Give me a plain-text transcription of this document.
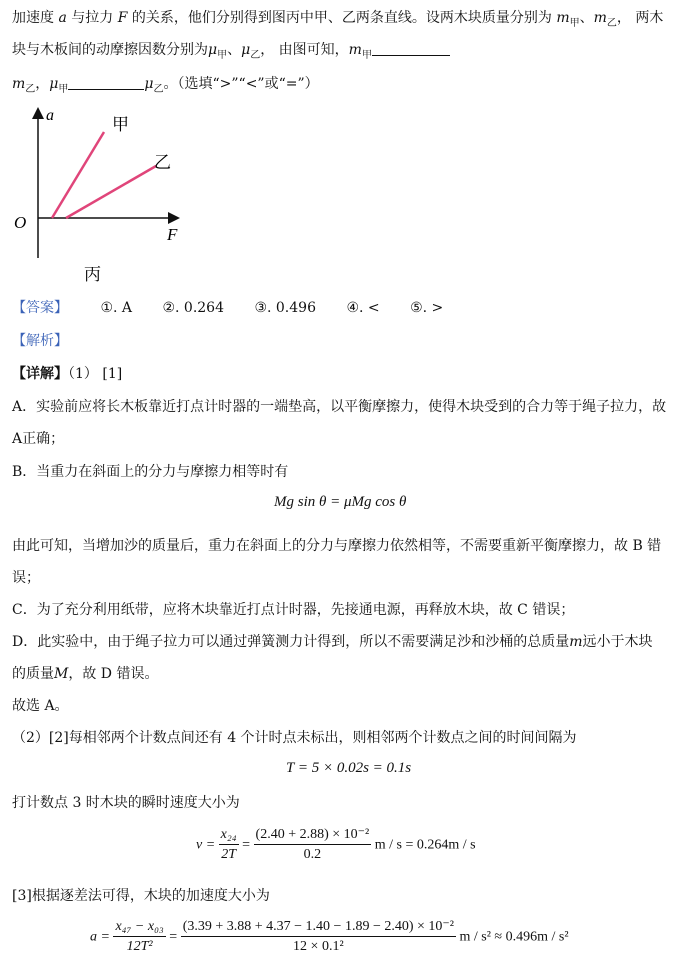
加速度 a 与拉力 F 的关系，他们分别得到图丙中甲、乙两条直线。设两木块质量分别为 $m_甲$、$m_乙$， 两木
块与木板间的动摩擦因数分别为$\mu_甲$、$\mu_乙$， 由图可知，$m_甲$
$m_乙$，$\mu_甲$	$\mu_乙$。（选填“>”“<”或“=”）
a
F
O
甲
乙
丙
【答案】 ①. A ②. 0.264 ③. 0.496 ④. < ⑤. >
【解析】
【详解】（1） [1]
A．实验前应将长木板靠近打点计时器的一端垫高，以平衡摩擦力，使得木块受到的合力等于绳子拉力，故
A正确；
B．当重力在斜面上的分力与摩擦力相等时有
Mg sin θ = μMg cos θ
由此可知，当增加沙的质量后，重力在斜面上的分力与摩擦力依然相等，不需要重新平衡摩擦力，故 B 错
误；
C．为了充分利用纸带，应将木块靠近打点计时器，先接通电源，再释放木块，故 C 错误；
D．此实验中，由于绳子拉力可以通过弹簧测力计得到，所以不需要满足沙和沙桶的总质量m远小于木块
的质量M，故 D 错误。
故选 A。
（2）[2]每相邻两个计数点间还有 4 个计时点未标出，则相邻两个计数点之间的时间间隔为
T = 5 × 0.02s = 0.1s
打计数点 3 时木块的瞬时速度大小为
$v = \frac{\text{x₂₄}}{2T} = \frac{\text{(2.40 + 2.88) × 10⁻²}}{0.2}$ m / s = 0.264m / s
[3]根据逐差法可得，木块的加速度大小为
$a = \frac{\text{x₄₇ − x₀₃}}{\text{12T²}} = \frac{\text{(3.39 + 3.88 + 4.37 − 1.40 − 1.89 − 2.40) × 10⁻²}}{\text{12 × 0.1²}}$ m / s² ≈ 0.496m / s²
